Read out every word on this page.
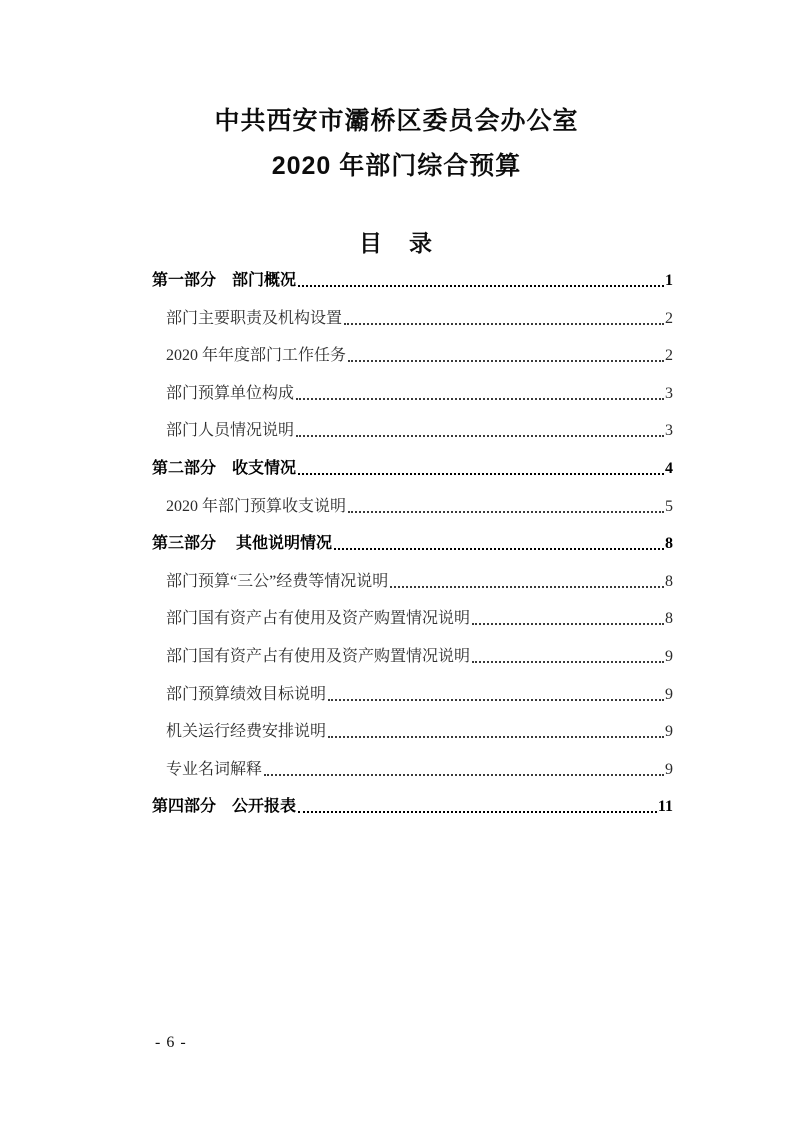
中共西安市灞桥区委员会办公室
2020 年部门综合预算
目　录
第一部分　部门概况	1
部门主要职责及机构设置	2
2020 年年度部门工作任务	2
部门预算单位构成	3
部门人员情况说明	3
第二部分　收支情况	4
2020 年部门预算收支说明	5
第三部分　 其他说明情况	8
部门预算“三公”经费等情况说明	8
部门国有资产占有使用及资产购置情况说明	8
部门国有资产占有使用及资产购置情况说明	9
部门预算绩效目标说明	9
机关运行经费安排说明	9
专业名词解释	9
第四部分　公开报表	11
- 6 -
